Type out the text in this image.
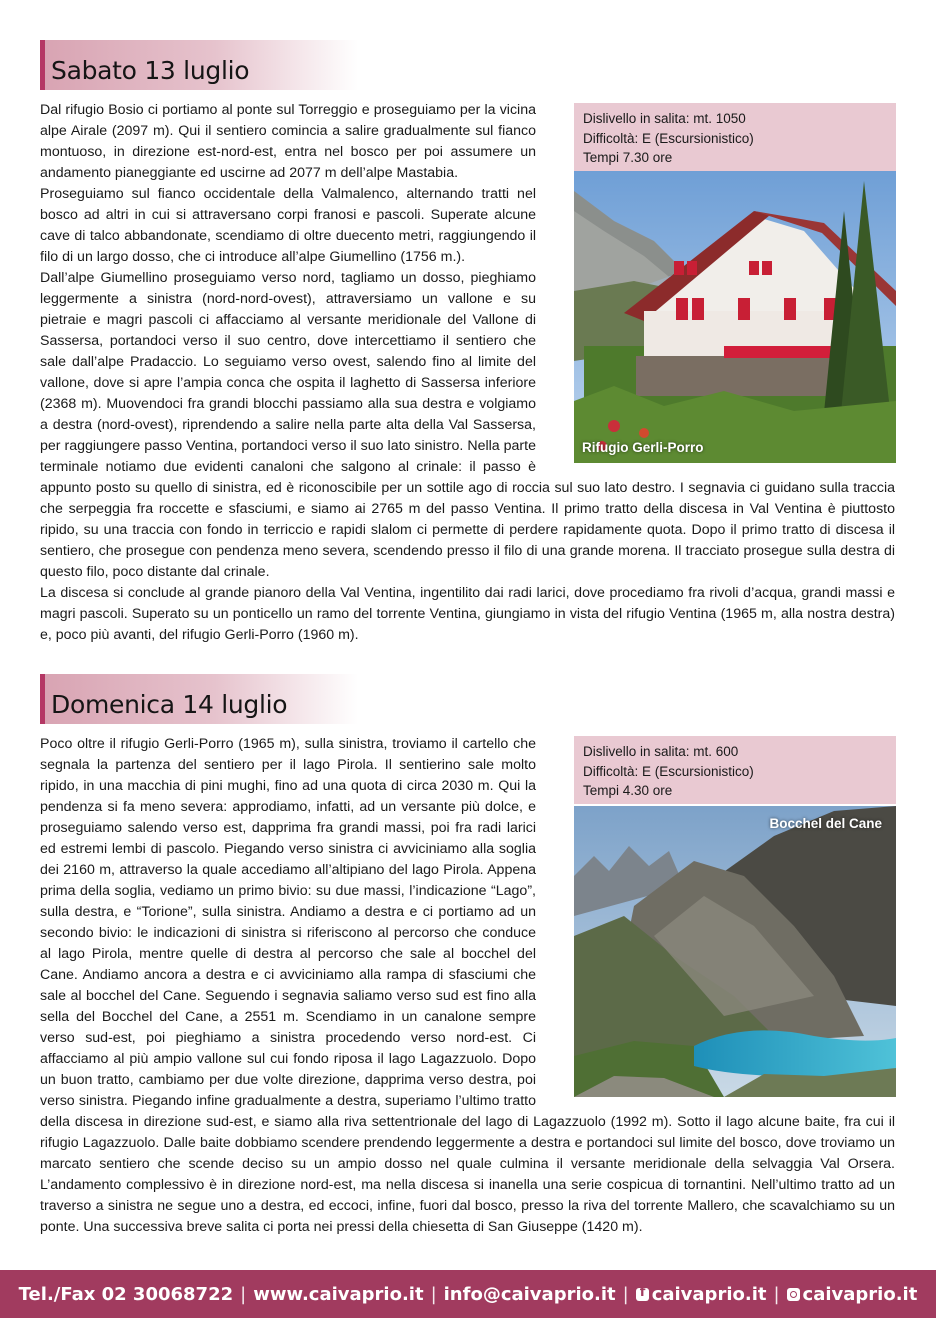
Sabato 13 luglio
Dislivello in salita: mt. 1050
Difficoltà: E (Escursionistico)
Tempi 7.30 ore
Rifugio Gerli-Porro

Dal rifugio Bosio ci portiamo al ponte sul Torreggio e proseguiamo per la vicina alpe Airale (2097 m). Qui il sentiero comincia a salire gradualmente sul fianco montuoso, in direzione est-nord-est, entra nel bosco per poi assumere un andamento pianeggiante ed uscirne ad 2077 m dell’alpe Mastabia.

Proseguiamo sul fianco occidentale della Valmalenco, alternando tratti nel bosco ad altri in cui si attraversano corpi franosi e pascoli. Superate alcune cave di talco abbandonate, scendiamo di oltre duecento metri, raggiungendo il filo di un largo dosso, che ci introduce all’alpe Giumellino (1756 m.).

Dall’alpe Giumellino proseguiamo verso nord, tagliamo un dosso, pieghiamo leggermente a sinistra (nord-nord-ovest), attraversiamo un vallone e su pietraie e magri pascoli ci affacciamo al versante meridionale del Vallone di Sassersa, portandoci verso il suo centro, dove intercettiamo il sentiero che sale dall’alpe Pradaccio. Lo seguiamo verso ovest, salendo fino al limite del vallone, dove si apre l’ampia conca che ospita il laghetto di Sassersa inferiore (2368 m). Muovendoci fra grandi blocchi passiamo alla sua destra e volgiamo a destra (nord-ovest), riprendendo a salire nella parte alta della Val Sassersa, per raggiungere passo Ventina, portandoci verso il suo lato sinistro. Nella parte terminale notiamo due evidenti canaloni che salgono al crinale: il passo è appunto posto su quello di sinistra, ed è riconoscibile per un sottile ago di roccia sul suo lato destro. I segnavia ci guidano sulla traccia che serpeggia fra roccette e sfasciumi, e siamo ai 2765 m del passo Ventina. Il primo tratto della discesa in Val Ventina è piuttosto ripido, su una traccia con fondo in terriccio e rapidi slalom ci permette di perdere rapidamente quota. Dopo il primo tratto di discesa il sentiero, che prosegue con pendenza meno severa, scendendo presso il filo di una grande morena. Il tracciato prosegue sulla destra di questo filo, poco distante dal crinale.

La discesa si conclude al grande pianoro della Val Ventina, ingentilito dai radi larici, dove procediamo fra rivoli d’acqua, grandi massi e magri pascoli. Superato su un ponticello un ramo del torrente Ventina, giungiamo in vista del rifugio Ventina (1965 m, alla nostra destra) e, poco più avanti, del rifugio Gerli-Porro (1960 m).

Domenica 14 luglio
Dislivello in salita: mt. 600
Difficoltà: E (Escursionistico)
Tempi 4.30 ore
Bocchel del Cane

Poco oltre il rifugio Gerli-Porro (1965 m), sulla sinistra, troviamo il cartello che segnala la partenza del sentiero per il lago Pirola. Il sentierino sale molto ripido, in una macchia di pini mughi, fino ad una quota di circa 2030 m. Qui la pendenza si fa meno severa: approdiamo, infatti, ad un versante più dolce, e proseguiamo salendo verso est, dapprima fra grandi massi, poi fra radi larici ed estremi lembi di pascolo. Piegando verso sinistra ci avviciniamo alla soglia dei 2160 m, attraverso la quale accediamo all’altipiano del lago Pirola. Appena prima della soglia, vediamo un primo bivio: su due massi, l’indicazione “Lago”, sulla destra, e “Torione”, sulla sinistra. Andiamo a destra e ci portiamo ad un secondo bivio: le indicazioni di sinistra si riferiscono al percorso che conduce al lago Pirola, mentre quelle di destra al percorso che sale al bocchel del Cane. Andiamo ancora a destra e ci avviciniamo alla rampa di sfasciumi che sale al bocchel del Cane. Seguendo i segnavia saliamo verso sud est fino alla sella del Bocchel del Cane, a 2551 m. Scendiamo in un canalone sempre verso sud-est, poi pieghiamo a sinistra procedendo verso nord-est. Ci affacciamo al più ampio vallone sul cui fondo riposa il lago Lagazzuolo. Dopo un buon tratto, cambiamo per due volte direzione, dapprima verso destra, poi verso sinistra. Piegando infine gradualmente a destra, superiamo l’ultimo tratto della discesa in direzione sud-est, e siamo alla riva settentrionale del lago di Lagazzuolo (1992 m). Sotto il lago alcune baite, fra cui il rifugio Lagazzuolo. Dalle baite dobbiamo scendere prendendo leggermente a destra e portandoci sul limite del bosco, dove troviamo un marcato sentiero che scende deciso su un ampio dosso nel quale culmina il versante meridionale della selvaggia Val Orsera. L’andamento complessivo è in direzione nord-est, ma nella discesa si inanella una serie cospicua di tornantini. Nell’ultimo tratto ad un traverso a sinistra ne segue uno a destra, ed eccoci, infine, fuori dal bosco, presso la riva del torrente Mallero, che scavalchiamo su un ponte. Una successiva breve salita ci porta nei pressi della chiesetta di San Giuseppe (1420 m).

Tel./Fax 02 30068722 | www.caivaprio.it | info@caivaprio.it |
f caivaprio.it | caivaprio.it
